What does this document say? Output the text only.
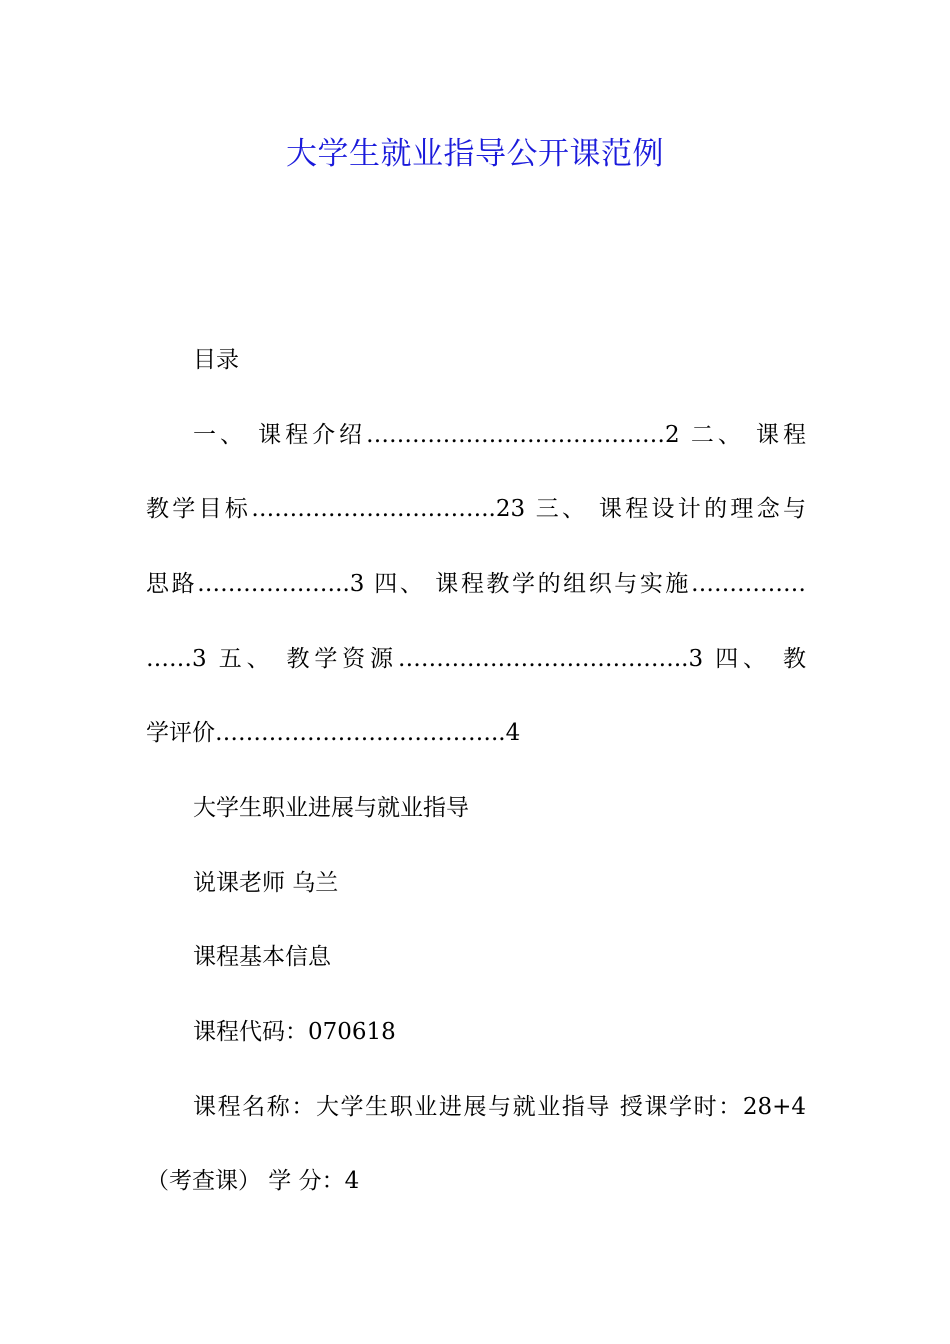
大学生就业指导公开课范例
目录
一、 课程介绍…………………………………2 二、 课程
教学目标…………………………..23 三、 课程设计的理念与
思路………………..3 四、 课程教学的组织与实施……………
……3 五、 教学资源………………………………..3 四、 教
学评价………………………………..4
大学生职业进展与就业指导
说课老师 乌兰
课程基本信息
课程代码：070618
课程名称：大学生职业进展与就业指导 授课学时：28+4
（考查课） 学 分：4
